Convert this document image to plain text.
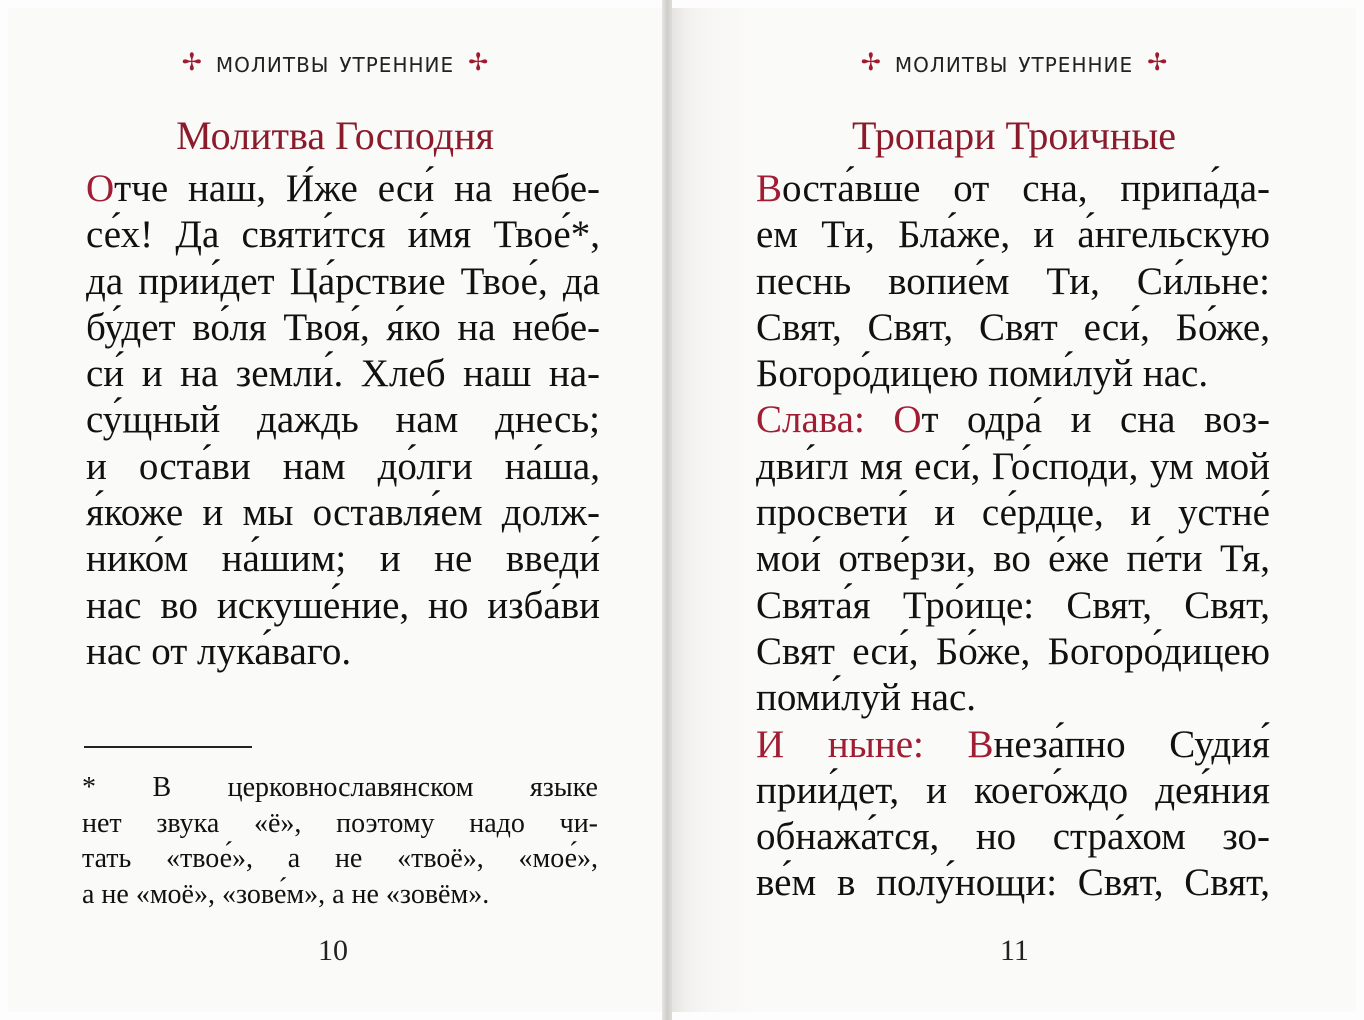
✢ молитвы утренние ✢
Молитва Господня
Отче наш, И́же еси́ на небе-
се́х! Да святи́тся и́мя Твое́*,
да прии́дет Ца́рствие Твое́, да
бу́дет во́ля Твоя́, я́ко на небе-
си́ и на земли́. Хлеб наш на-
су́щный даждь нам днесь;
и оста́ви нам до́лги на́ша,
я́коже и мы оставля́ем долж-
нико́м на́шим; и не введи́
нас во искуше́ние, но изба́ви
нас от лука́ваго.
* В церковнославянском языке
нет звука «ё», поэтому надо чи-
тать «твое́», а не «твоё», «мое́»,
а не «моё», «зове́м», а не «зовём».
10
✢ молитвы утренние ✢
Тропари Троичные
Воста́вше от сна, припа́да-
ем Ти, Бла́же, и а́нгельскую
песнь вопие́м Ти, Си́льне:
Свят, Свят, Свят еси́, Бо́же,
Богоро́дицею поми́луй нас.
Слава: От одра́ и сна воз-
дви́гл мя еси́, Го́споди, ум мой
просвети́ и се́рдце, и устне́
мои́ отве́рзи, во е́же пе́ти Тя,
Свята́я Тро́ице: Свят, Свят,
Свят еси́, Бо́же, Богоро́дицею
поми́луй нас.
И ныне: Внеза́пно Судия́
прии́дет, и коего́ждо дея́ния
обнажа́тся, но стра́хом зо-
ве́м в полу́нощи: Свят, Свят,
11
